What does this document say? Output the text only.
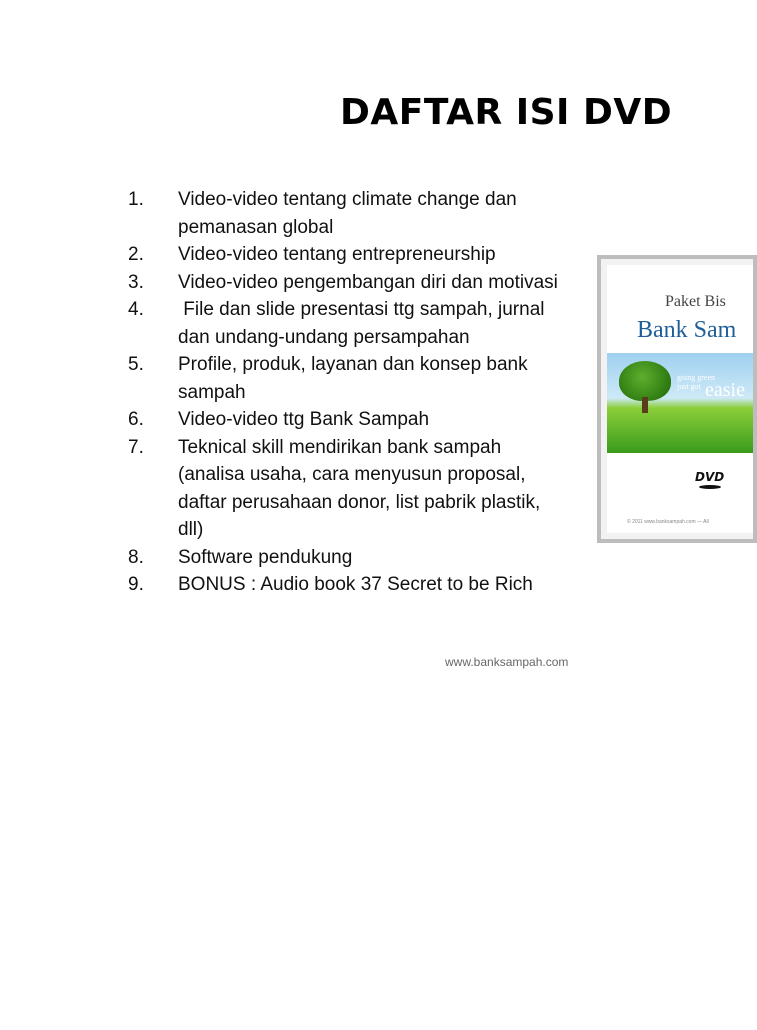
DAFTAR ISI DVD
1.	Video-video tentang climate change dan pemanasan global
2.	Video-video tentang entrepreneurship
3.	Video-video pengembangan diri dan motivasi
4.	File dan slide presentasi ttg sampah, jurnal dan undang-undang persampahan
5.	Profile, produk, layanan dan konsep bank sampah
6.	Video-video ttg Bank Sampah
7.	Teknical skill mendirikan bank sampah (analisa usaha, cara menyusun proposal, daftar perusahaan donor, list pabrik plastik, dll)
8.	Software pendukung
9.	BONUS : Audio book 37 Secret to be Rich
www.banksampah.com
Paket Bis
Bank Sam
going green
just got easie
DVD
© 2011 www.banksampah.com — All
